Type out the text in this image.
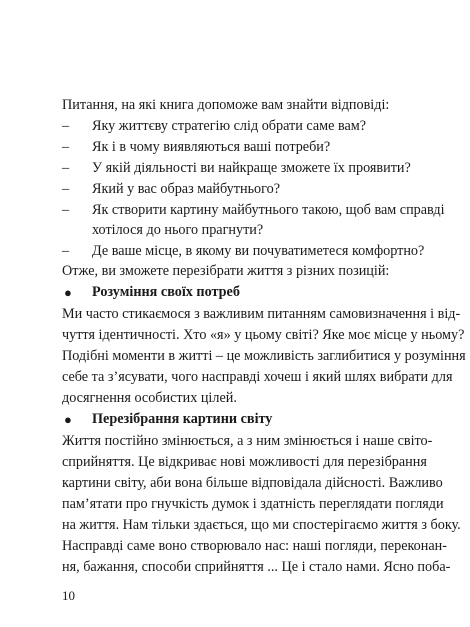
Питання, на які книга допоможе вам знайти відповіді:
–	Яку життєву стратегію слід обрати саме вам?
–	Як і в чому виявляються ваші потреби?
–	У якій діяльності ви найкраще зможете їх проявити?
–	Який у вас образ майбутнього?
–	Як створити картину майбутнього такою, щоб вам справді
хотілося до нього прагнути?
–	Де ваше місце, в якому ви почуватиметеся комфортно?
Отже, ви зможете перезібрати життя з різних позицій:
● Розуміння своїх потреб
Ми часто стикаємося з важливим питанням самовизначення і від-
чуття ідентичності. Хто «я» у цьому світі? Яке моє місце у ньому?
Подібні моменти в житті – це можливість заглибитися у розуміння
себе та з’ясувати, чого насправді хочеш і який шлях вибрати для
досягнення особистих цілей.
● Перезібрання картини світу
Життя постійно змінюється, а з ним змінюється і наше світо-
сприйняття. Це відкриває нові можливості для перезібрання
картини світу, аби вона більше відповідала дійсності. Важливо
пам’ятати про гнучкість думок і здатність переглядати погляди
на життя. Нам тільки здається, що ми спостерігаємо життя з боку.
Насправді саме воно створювало нас: наші погляди, переконан-
ня, бажання, способи сприйняття ... Це і стало нами. Ясно поба-
10
